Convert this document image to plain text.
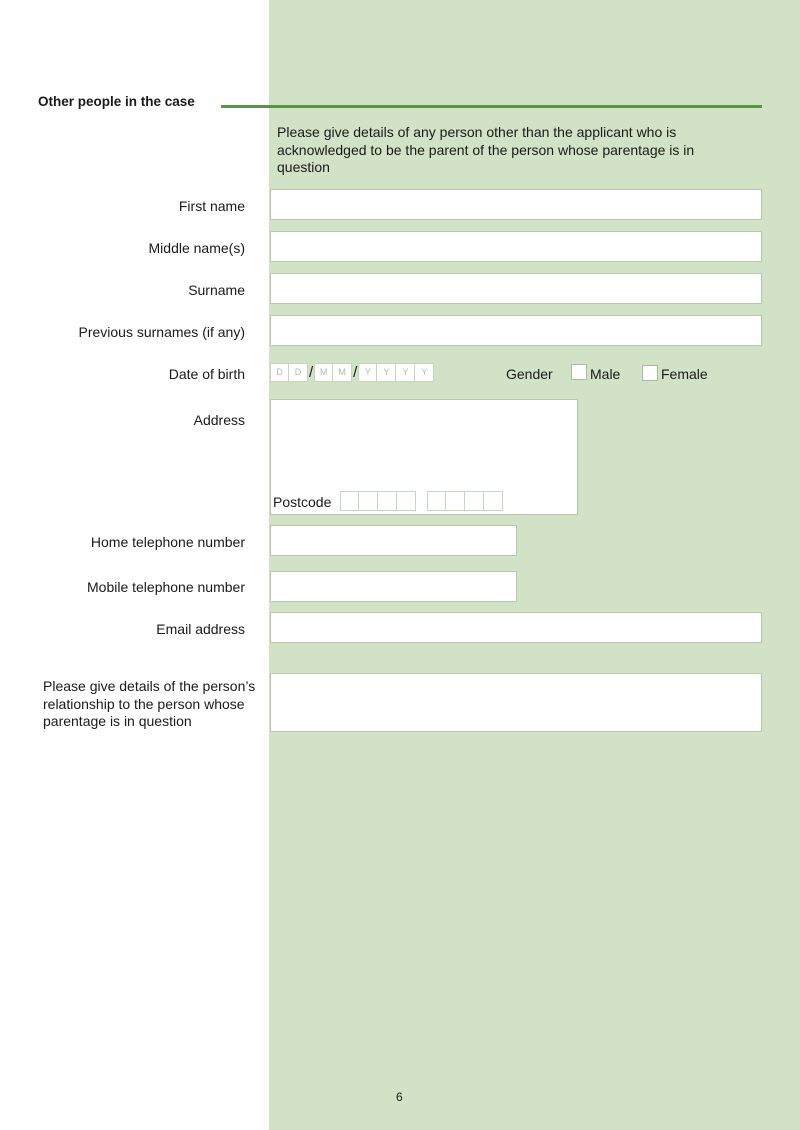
Other people in the case
Please give details of any person other than the applicant who is acknowledged to be the parent of the person whose parentage is in question
First name
Middle name(s)
Surname
Previous surnames (if any)
Date of birth	D	D / M	M / Y	Y	Y	Y	Gender	Male	Female
Address
Postcode
Home telephone number
Mobile telephone number
Email address
Please give details of the person’s relationship to the person whose parentage is in question
6
